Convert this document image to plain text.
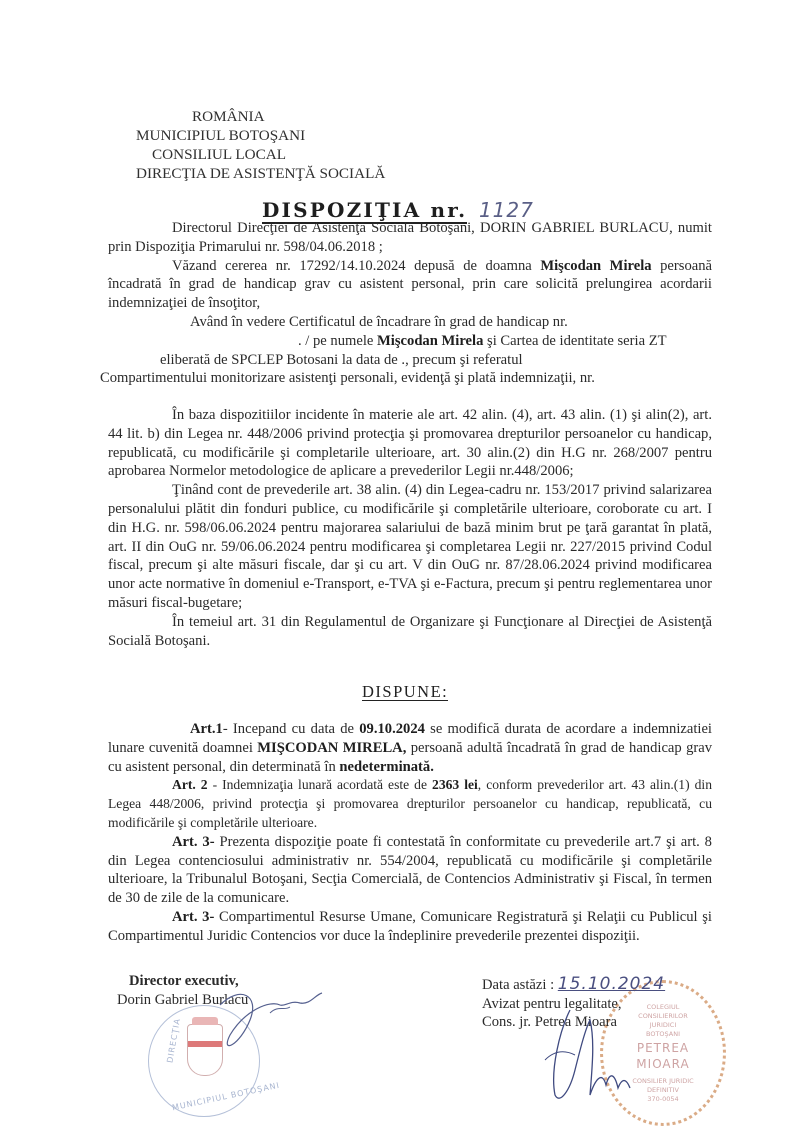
ROMÂNIA
MUNICIPIUL BOTOŞANI
CONSILIUL LOCAL
DIRECŢIA DE ASISTENŢĂ SOCIALĂ
DISPOZIŢIA nr. 1127

Directorul Direcţiei de Asistenţă Socială Botoşani, DORIN GABRIEL BURLACU, numit prin Dispoziţia Primarului nr. 598/04.06.2018 ;

Văzand cererea nr. 17292/14.10.2024 depusă de doamna Mişcodan Mirela persoană încadrată în grad de handicap grav cu asistent personal, prin care solicită prelungirea acordarii indemnizaţiei de însoţitor,

Având în vedere Certificatul de încadrare în grad de handicap nr.

. / pe numele Mişcodan Mirela şi Cartea de identitate seria ZT

eliberată de SPCLEP Botosani la data de ., precum şi referatul

Compartimentului monitorizare asistenţi personali, evidenţă şi plată indemnizaţii, nr.

În baza dispozitiilor incidente în materie ale art. 42 alin. (4), art. 43 alin. (1) şi alin(2), art. 44 lit. b) din Legea nr. 448/2006 privind protecţia şi promovarea drepturilor persoanelor cu handicap, republicată, cu modificările şi completarile ulterioare, art. 30 alin.(2) din H.G nr. 268/2007 pentru aprobarea Normelor metodologice de aplicare a prevederilor Legii nr.448/2006;

Ţinând cont de prevederile art. 38 alin. (4) din Legea-cadru nr. 153/2017 privind salarizarea personalului plătit din fonduri publice, cu modificările şi completările ulterioare, coroborate cu art. I din H.G. nr. 598/06.06.2024 pentru majorarea salariului de bază minim brut pe ţară garantat în plată, art. II din OuG nr. 59/06.06.2024 pentru modificarea şi completarea Legii nr. 227/2015 privind Codul fiscal, precum şi alte măsuri fiscale, dar şi cu art. V din OuG nr. 87/28.06.2024 privind modificarea unor acte normative în domeniul e-Transport, e-TVA şi e-Factura, precum şi pentru reglementarea unor măsuri fiscal-bugetare;

În temeiul art. 31 din Regulamentul de Organizare şi Funcţionare al Direcţiei de Asistenţă Socială Botoşani.

DISPUNE:

Art.1- Incepand cu data de 09.10.2024 se modifică durata de acordare a indemnizatiei lunare cuvenită doamnei MIŞCODAN MIRELA, persoană adultă încadrată în grad de handicap grav cu asistent personal, din determinată în nedeterminată.

Art. 2 - Indemnizaţia lunară acordată este de 2363 lei, conform prevederilor art. 43 alin.(1) din Legea 448/2006, privind protecţia şi promovarea drepturilor persoanelor cu handicap, republicată, cu modificările şi completările ulterioare.

Art. 3- Prezenta dispoziţie poate fi contestată în conformitate cu prevederile art.7 şi art. 8 din Legea contenciosului administrativ nr. 554/2004, republicată cu modificările şi completările ulterioare, la Tribunalul Botoşani, Secţia Comercială, de Contencios Administrativ şi Fiscal, în termen de 30 de zile de la comunicare.

Art. 3- Compartimentul Resurse Umane, Comunicare Registratură şi Relaţii cu Publicul şi Compartimentul Juridic Contencios vor duce la îndeplinire prevederile prezentei dispoziţii.

DIRECŢIA
MUNICIPIUL BOTOŞANI
COLEGIUL
CONSILIERILOR
JURIDICI
BOTOŞANI
PETREA
MIOARA
CONSILIER JURIDIC
DEFINITIV
370-0054
Director executiv,
Dorin Gabriel Burlacu
Data astăzi : 15.10.2024
Avizat pentru legalitate,
Cons. jr. Petrea Mioara
